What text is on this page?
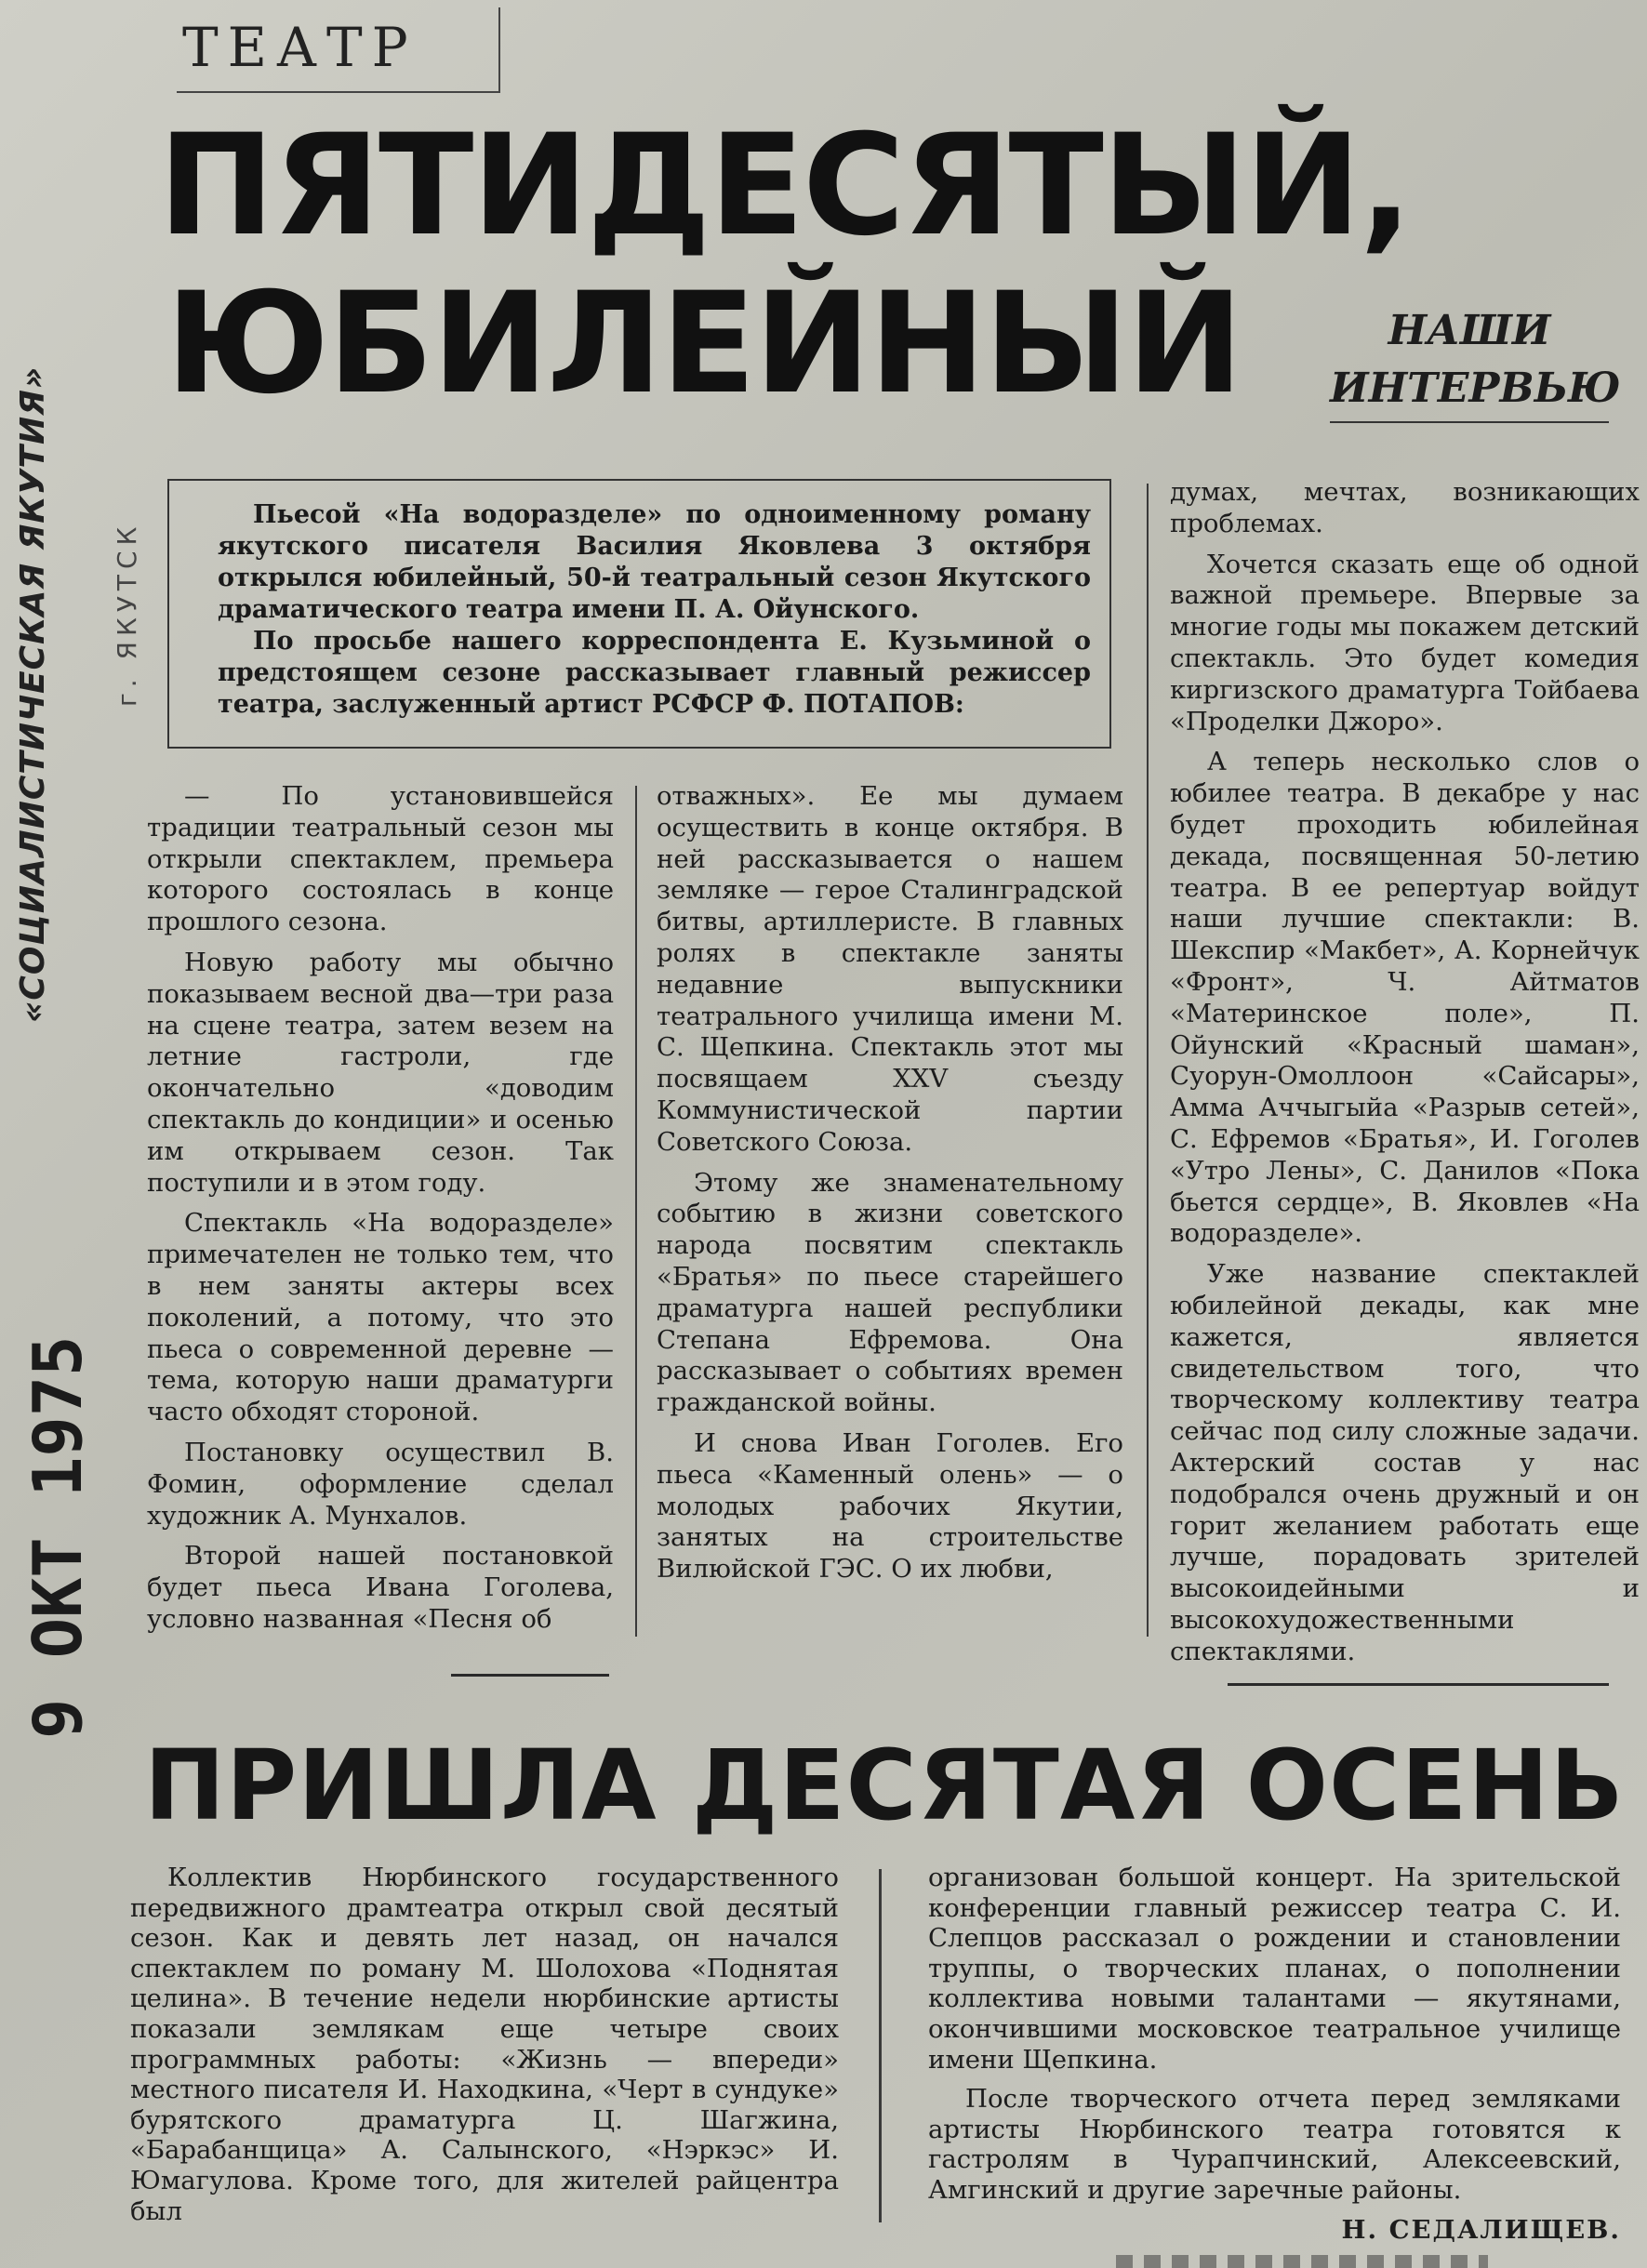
ТЕАТР
ПЯТИДЕСЯТЫЙ,
ЮБИЛЕЙНЫЙ	НАШИ
ИНТЕРВЬЮ
«СОЦИАЛИСТИЧЕСКАЯ ЯКУТИЯ»	г. ЯКУТСК
9 ОКТ 1975

Пьесой «На водоразделе» по одноименному роману якутского писателя Василия Яковлева 3 октября открылся юбилейный, 50-й театральный сезон Якутского драматического театра имени П. А. Ойунского.

По просьбе нашего корреспондента Е. Кузьминой о предстоящем сезоне рассказывает главный режиссер театра, заслуженный артист РСФСР Ф. ПОТАПОВ:

— По установившейся традиции театральный сезон мы открыли спектаклем, премьера которого состоялась в конце прошлого сезона.

Новую работу мы обычно показываем весной два—три раза на сцене театра, затем везем на летние гастроли, где окончательно «доводим спектакль до кондиции» и осенью им открываем сезон. Так поступили и в этом году.

Спектакль «На водоразделе» примечателен не только тем, что в нем заняты актеры всех поколений, а потому, что это пьеса о современной деревне — тема, которую наши драматурги часто обходят стороной.

Постановку осуществил В. Фомин, оформление сделал художник А. Мунхалов.

Второй нашей постановкой будет пьеса Ивана Гоголева, условно названная «Песня об

отважных». Ее мы думаем осуществить в конце октября. В ней рассказывается о нашем земляке — герое Сталинградской битвы, артиллеристе. В главных ролях в спектакле заняты недавние выпускники театрального училища имени М. С. Щепкина. Спектакль этот мы посвящаем XXV съезду Коммунистической партии Советского Союза.

Этому же знаменательному событию в жизни советского народа посвятим спектакль «Братья» по пьесе старейшего драматурга нашей республики Степана Ефремова. Она рассказывает о событиях времен гражданской войны.

И снова Иван Гоголев. Его пьеса «Каменный олень» — о молодых рабочих Якутии, занятых на строительстве Вилюйской ГЭС. О их любви,

думах, мечтах, возникающих проблемах.

Хочется сказать еще об одной важной премьере. Впервые за многие годы мы покажем детский спектакль. Это будет комедия киргизского драматурга Тойбаева «Проделки Джоро».

А теперь несколько слов о юбилее театра. В декабре у нас будет проходить юбилейная декада, посвященная 50-летию театра. В ее репертуар войдут наши лучшие спектакли: В. Шекспир «Макбет», А. Корнейчук «Фронт», Ч. Айтматов «Материнское поле», П. Ойунский «Красный шаман», Суорун-Омоллоон «Сайсары», Амма Аччыгыйа «Разрыв сетей», С. Ефремов «Братья», И. Гоголев «Утро Лены», С. Данилов «Пока бьется сердце», В. Яковлев «На водоразделе».

Уже название спектаклей юбилейной декады, как мне кажется, является свидетельством того, что творческому коллективу театра сейчас под силу сложные задачи. Актерский состав у нас подобрался очень дружный и он горит желанием работать еще лучше, порадовать зрителей высокоидейными и высокохудожественными спектаклями.

ПРИШЛА ДЕСЯТАЯ ОСЕНЬ

Коллектив Нюрбинского государственного передвижного драмтеатра открыл свой десятый сезон. Как и девять лет назад, он начался спектаклем по роману М. Шолохова «Поднятая целина». В течение недели нюрбинские артисты показали землякам еще четыре своих программных работы: «Жизнь — впереди» местного писателя И. Находкина, «Черт в сундуке» бурятского драматурга Ц. Шагжина, «Барабанщица» А. Салынского, «Нэркэс» И. Юмагулова. Кроме того, для жителей райцентра был

организован большой концерт. На зрительской конференции главный режиссер театра С. И. Слепцов рассказал о рождении и становлении труппы, о творческих планах, о пополнении коллектива новыми талантами — якутянами, окончившими московское театральное училище имени Щепкина.

После творческого отчета перед земляками артисты Нюрбинского театра готовятся к гастролям в Чурапчинский, Алексеевский, Амгинский и другие заречные районы.

Н. СЕДАЛИЩЕВ.
